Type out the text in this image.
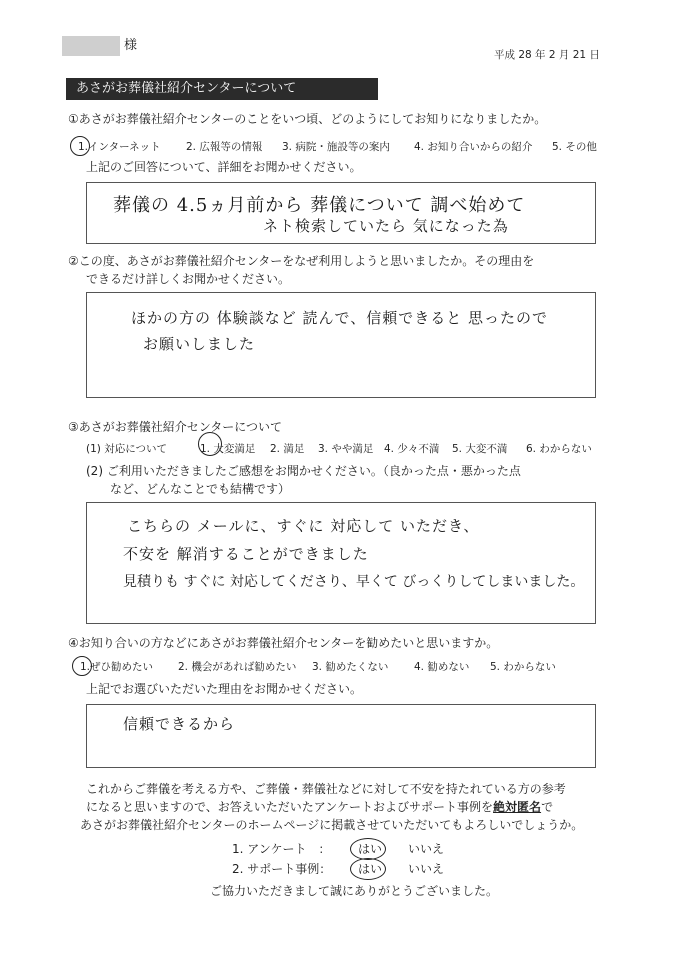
様
平成 28 年 2 月 21 日
あさがお葬儀社紹介センターについて
①あさがお葬儀社紹介センターのことをいつ頃、どのようにしてお知りになりましたか。
1.インターネット 2. 広報等の情報 3. 病院・施設等の案内 4. お知り合いからの紹介 5. その他
上記のご回答について、詳細をお聞かせください。
葬儀の 4.5ヵ月前から 葬儀について 調べ始めて
ネト検索していたら 気になった為
②この度、あさがお葬儀社紹介センターをなぜ利用しようと思いましたか。その理由を
できるだけ詳しくお聞かせください。
ほかの方の 体験談など 読んで、信頼できると 思ったので
お願いしました
③あさがお葬儀社紹介センターについて
(1) 対応について	1. 大変満足 2. 満足 3. やや満足 4. 少々不満 5. 大変不満 6. わからない
(2) ご利用いただきましたご感想をお聞かせください。（良かった点・悪かった点
など、どんなことでも結構です）
こちらの メールに、すぐに 対応して いただき、
不安を 解消することができました
見積りも すぐに 対応してくださり、早くて びっくりしてしまいました。
④お知り合いの方などにあさがお葬儀社紹介センターを勧めたいと思いますか。
1.ぜひ勧めたい 2. 機会があれば勧めたい 3. 勧めたくない 4. 勧めない 5. わからない
上記でお選びいただいた理由をお聞かせください。
信頼できるから
これからご葬儀を考える方や、ご葬儀・葬儀社などに対して不安を持たれている方の参考
になると思いますので、お答えいただいたアンケートおよびサポート事例を絶対匿名で
あさがお葬儀社紹介センターのホームページに掲載させていただいてもよろしいでしょうか。
1. アンケート　： はい いいえ
2. サポート事例： はい いいえ
ご協力いただきまして誠にありがとうございました。
